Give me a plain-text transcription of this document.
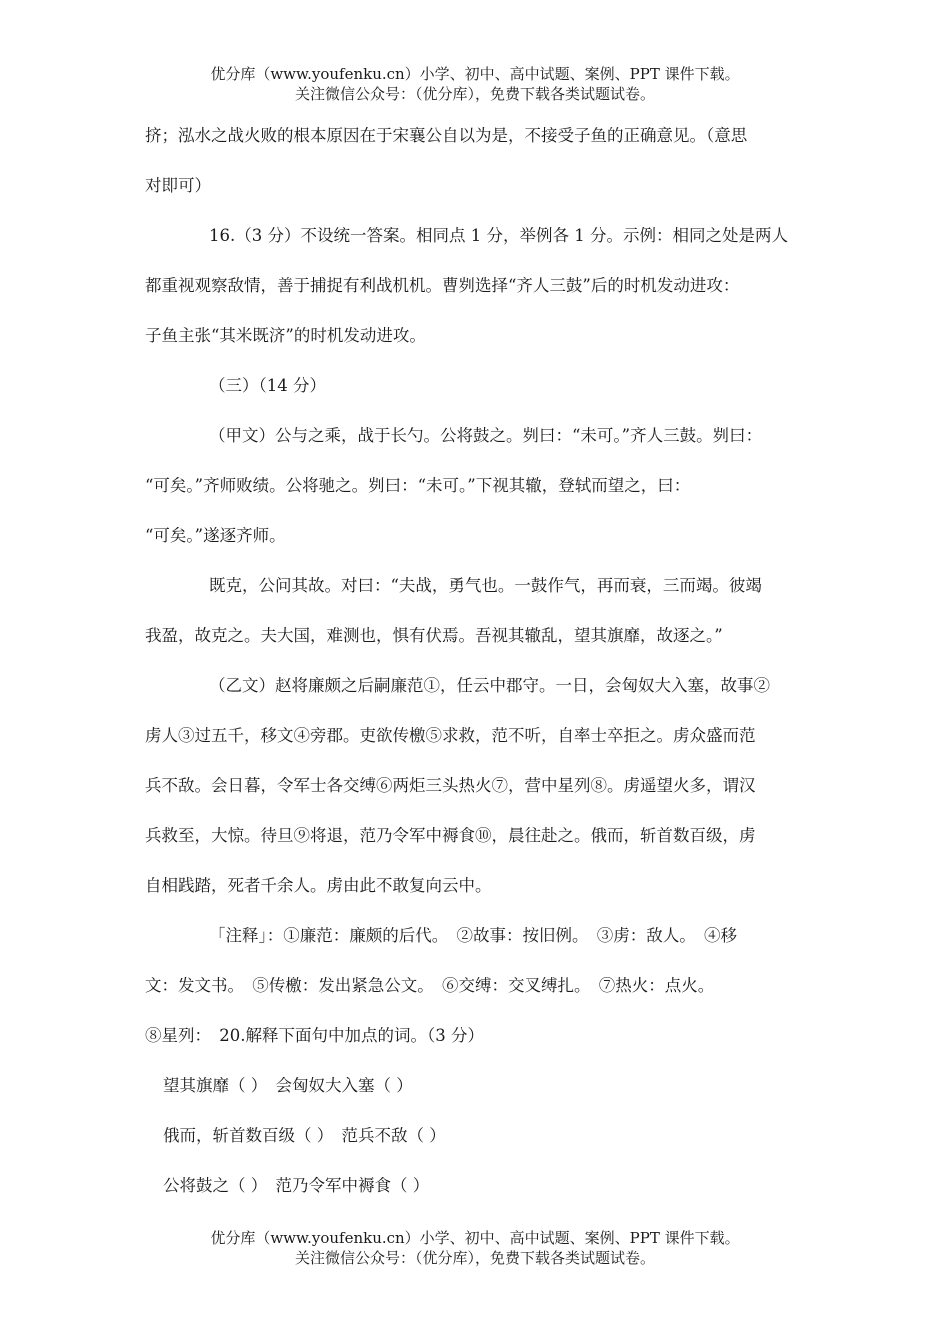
优分库（www.youfenku.cn）小学、初中、高中试题、案例、PPT 课件下载。
关注微信公众号：（优分库），免费下载各类试题试卷。
挤；泓水之战火败的根本原因在于宋襄公自以为是，不接受子鱼的正确意见。（意思
对即可）
16.（3 分）不设统一答案。相同点 1 分，举例各 1 分。示例：相同之处是两人
都重视观察敌情，善于捕捉有利战机机。曹刿选择“齐人三鼓”后的时机发动进攻：
子鱼主张“其米既济”的时机发动进攻。
（三）（14 分）
（甲文）公与之乘，战于长勺。公将鼓之。刿曰：“未可。”齐人三鼓。刿曰：
“可矣。”齐师败绩。公将驰之。刿曰：“未可。”下视其辙，登轼而望之，曰：
“可矣。”遂逐齐师。
既克，公问其故。对曰：“夫战，勇气也。一鼓作气，再而衰，三而竭。彼竭
我盈，故克之。夫大国，难测也，惧有伏焉。吾视其辙乱，望其旗靡，故逐之。”
（乙文）赵将廉颇之后嗣廉范①，任云中郡守。一日，会匈奴大入塞，故事②
虏人③过五千，移文④旁郡。吏欲传檄⑤求救，范不听，自率士卒拒之。虏众盛而范
兵不敌。会日暮，令军士各交缚⑥两炬三头热火⑦，营中星列⑧。虏遥望火多，谓汉
兵救至，大惊。待旦⑨将退，范乃令军中褥食⑩，晨往赴之。俄而，斩首数百级，虏
自相践踏，死者千余人。虏由此不敢复向云中。
「注释」：①廉范：廉颇的后代。　②故事：按旧例。　③虏：敌人。　④移
文：发文书。　⑤传檄：发出紧急公文。　⑥交缚：交叉缚扎。　⑦热火：点火。
⑧星列：　20.解释下面句中加点的词。（3 分）
望其旗靡（ ）　会匈奴大入塞（ ）
俄而，斩首数百级（ ）　范兵不敌（ ）
公将鼓之（ ）　范乃令军中褥食（ ）
优分库（www.youfenku.cn）小学、初中、高中试题、案例、PPT 课件下载。
关注微信公众号：（优分库），免费下载各类试题试卷。
